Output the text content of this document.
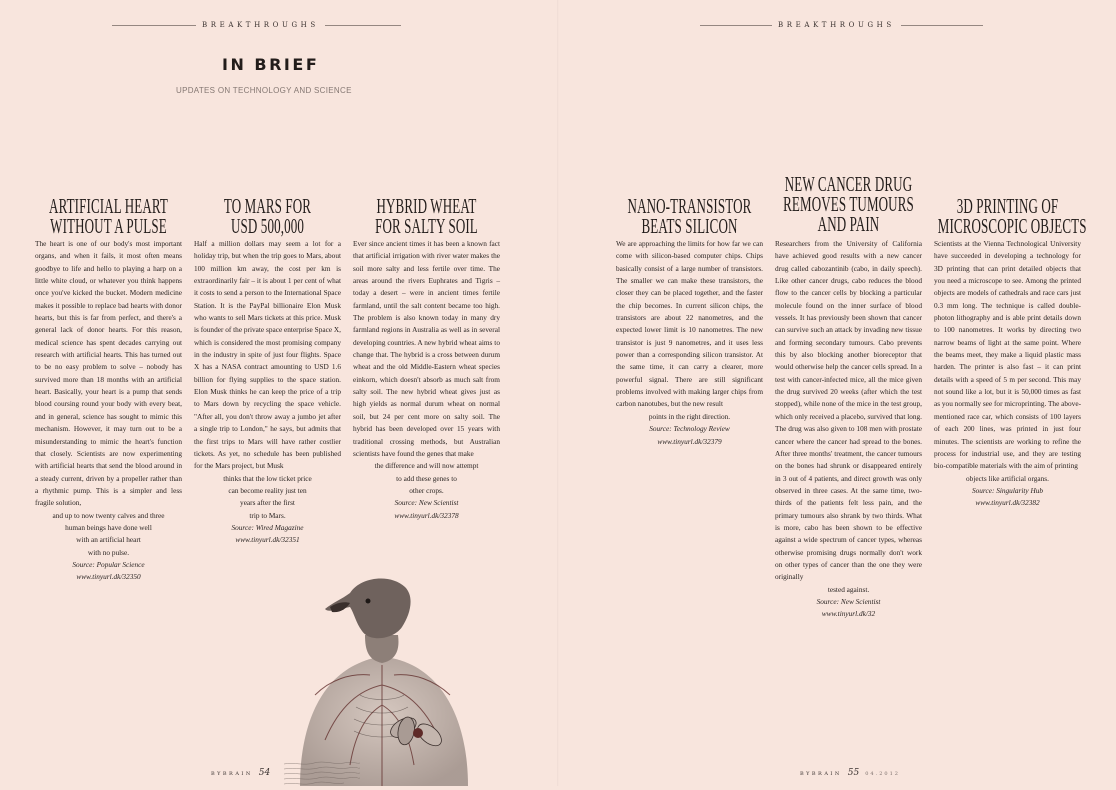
BREAKTHROUGHS
IN BRIEF
UPDATES ON TECHNOLOGY AND SCIENCE
ARTIFICIAL HEART
WITHOUT A PULSE

The heart is one of our body's most important organs, and when it fails, it most often means goodbye to life and hello to playing a harp on a little white cloud, or whatever you think happens once you've kicked the bucket. Modern medicine makes it possible to replace bad hearts with donor hearts, but this is far from perfect, and there's a general lack of donor hearts. For this reason, medical science has spent decades carrying out research with artificial hearts. This has turned out to be no easy problem to solve – nobody has survived more than 18 months with an artificial heart. Basically, your heart is a pump that sends blood coursing round your body with every beat, and in general, science has sought to mimic this mechanism. However, it may turn out to be a misunderstanding to mimic the heart's function that closely. Scientists are now experimenting with artificial hearts that send the blood around in a steady current, driven by a propeller rather than a rhythmic pump. This is a simpler and less fragile solution,

and up to now twenty calves and three
human beings have done well
with an artificial heart
with no pulse.
Source: Popular Science
www.tinyurl.dk/32350
TO MARS FOR
USD 500,000

Half a million dollars may seem a lot for a holiday trip, but when the trip goes to Mars, about 100 million km away, the cost per km is extraordinarily fair – it is about 1 per cent of what it costs to send a person to the International Space Station. It is the PayPal billionaire Elon Musk who wants to sell Mars tickets at this price. Musk is founder of the private space enterprise Space X, which is considered the most promising company in the industry in spite of just four flights. Space X has a NASA contract amounting to USD 1.6 billion for flying supplies to the space station. Elon Musk thinks he can keep the price of a trip to Mars down by recycling the space vehicle. "After all, you don't throw away a jumbo jet after a single trip to London," he says, but admits that the first trips to Mars will have rather costlier tickets. As yet, no schedule has been published for the Mars project, but Musk

thinks that the low ticket price
can become reality just ten
years after the first
trip to Mars.
Source: Wired Magazine
www.tinyurl.dk/32351
HYBRID WHEAT
FOR SALTY SOIL

Ever since ancient times it has been a known fact that artificial irrigation with river water makes the soil more salty and less fertile over time. The areas around the rivers Euphrates and Tigris – today a desert – were in ancient times fertile farmland, until the salt content became too high. The problem is also known today in many dry farmland regions in Australia as well as in several developing countries. A new hybrid wheat aims to change that. The hybrid is a cross between durum wheat and the old Middle-Eastern wheat species einkorn, which doesn't absorb as much salt from salty soil. The new hybrid wheat gives just as high yields as normal durum wheat on normal soil, but 24 per cent more on salty soil. The hybrid has been developed over 15 years with traditional crossing methods, but Australian scientists have found the genes that make

the difference and will now attempt
to add these genes to
other crops.
Source: New Scientist
www.tinyurl.dk/32378
BYBRAIN 54
BREAKTHROUGHS
NANO-TRANSISTOR
BEATS SILICON

We are approaching the limits for how far we can come with silicon-based computer chips. Chips basically consist of a large number of transistors. The smaller we can make these transistors, the closer they can be placed together, and the faster the chip becomes. In current silicon chips, the transistors are about 22 nanometres, and the expected lower limit is 10 nanometres. The new transistor is just 9 nanometres, and it uses less power than a corresponding silicon transistor. At the same time, it can carry a clearer, more powerful signal. There are still significant problems involved with making larger chips from carbon nanotubes, but the new result

points in the right direction.
Source: Technology Review
www.tinyurl.dk/32379
NEW CANCER DRUG
REMOVES TUMOURS
AND PAIN

Researchers from the University of California have achieved good results with a new cancer drug called cabozantinib (cabo, in daily speech). Like other cancer drugs, cabo reduces the blood flow to the cancer cells by blocking a particular molecule found on the inner surface of blood vessels. It has previously been shown that cancer can survive such an attack by invading new tissue and forming secondary tumours. Cabo prevents this by also blocking another bioreceptor that would otherwise help the cancer cells spread. In a test with cancer-infected mice, all the mice given the drug survived 20 weeks (after which the test stopped), while none of the mice in the test group, which only received a placebo, survived that long. The drug was also given to 108 men with prostate cancer where the cancer had spread to the bones. After three months' treatment, the cancer tumours on the bones had shrunk or disappeared entirely in 3 out of 4 patients, and direct growth was only observed in three cases. At the same time, two-thirds of the patients felt less pain, and the primary tumours also shrank by two thirds. What is more, cabo has been shown to be effective against a wide spectrum of cancer types, whereas otherwise promising drugs normally don't work on other types of cancer than the one they were originally

tested against.
Source: New Scientist
www.tinyurl.dk/32
3D PRINTING OF
MICROSCOPIC OBJECTS

Scientists at the Vienna Technological University have succeeded in developing a technology for 3D printing that can print detailed objects that you need a microscope to see. Among the printed objects are models of cathedrals and race cars just 0.3 mm long. The technique is called double-photon lithography and is able print details down to 100 nanometres. It works by directing two narrow beams of light at the same point. Where the beams meet, they make a liquid plastic mass harden. The printer is also fast – it can print details with a speed of 5 m per second. This may not sound like a lot, but it is 50,000 times as fast as you normally see for microprinting. The above-mentioned race car, which consists of 100 layers of each 200 lines, was printed in just four minutes. The scientists are working to refine the process for industrial use, and they are testing bio-compatible materials with the aim of printing

objects like artificial organs.
Source: Singularity Hub
www.tinyurl.dk/32382
BYBRAIN 55 04.2012
